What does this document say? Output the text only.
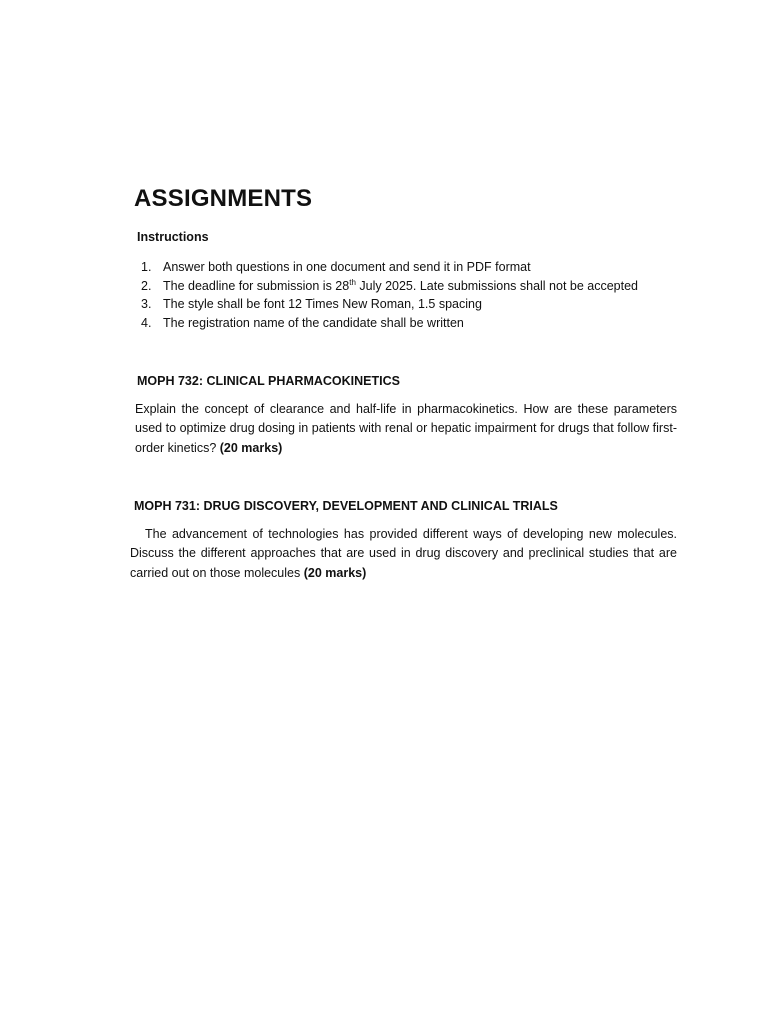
ASSIGNMENTS
Instructions
1. Answer both questions in one document and send it in PDF format
2. The deadline for submission is 28th July 2025. Late submissions shall not be accepted
3. The style shall be font 12 Times New Roman, 1.5 spacing
4. The registration name of the candidate shall be written
MOPH 732: CLINICAL PHARMACOKINETICS

Explain the concept of clearance and half-life in pharmacokinetics. How are these parameters used to optimize drug dosing in patients with renal or hepatic impairment for drugs that follow first-order kinetics? (20 marks)

MOPH 731: DRUG DISCOVERY, DEVELOPMENT AND CLINICAL TRIALS

The advancement of technologies has provided different ways of developing new molecules. Discuss the different approaches that are used in drug discovery and preclinical studies that are carried out on those molecules (20 marks)
